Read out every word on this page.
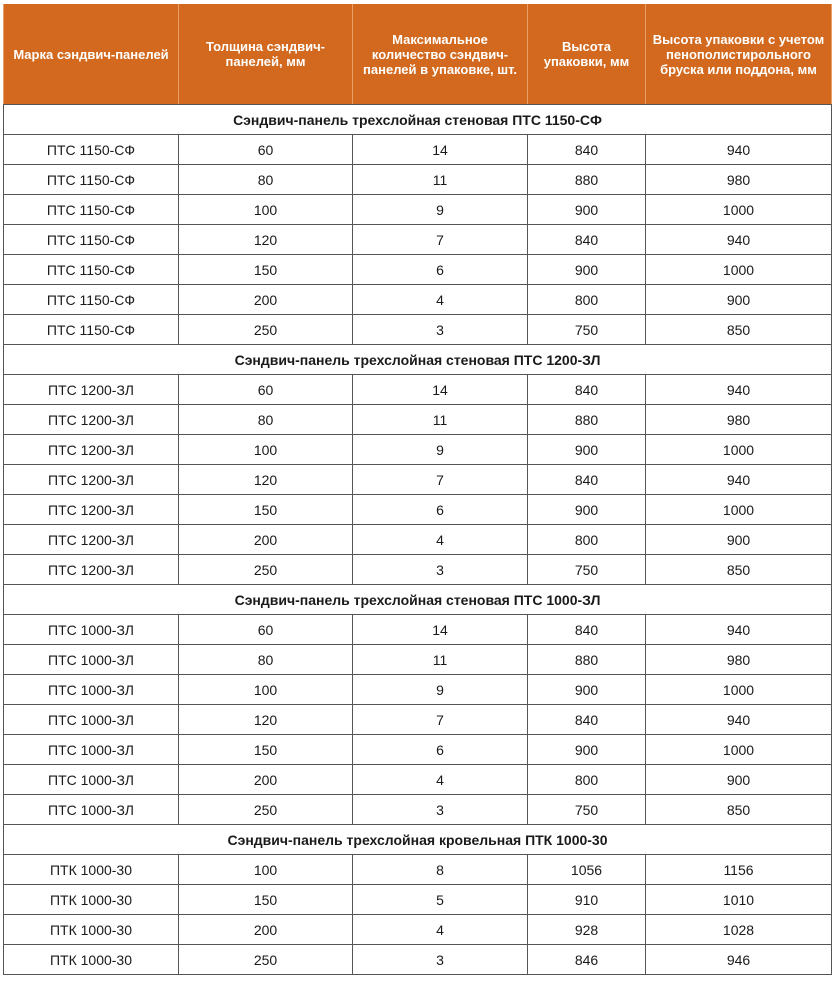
Марка сэндвич-панелей	Толщина сэндвич-панелей, мм	Максимальное количество сэндвич-панелей в упаковке, шт.	Высота упаковки, мм	Высота упаковки с учетом пенополистирольного бруска или поддона, мм
Сэндвич-панель трехслойная стеновая ПТС 1150-СФ				
ПТС 1150-СФ	60	14	840	940
ПТС 1150-СФ	80	11	880	980
ПТС 1150-СФ	100	9	900	1000
ПТС 1150-СФ	120	7	840	940
ПТС 1150-СФ	150	6	900	1000
ПТС 1150-СФ	200	4	800	900
ПТС 1150-СФ	250	3	750	850
Сэндвич-панель трехслойная стеновая ПТС 1200-ЗЛ				
ПТС 1200-ЗЛ	60	14	840	940
ПТС 1200-ЗЛ	80	11	880	980
ПТС 1200-ЗЛ	100	9	900	1000
ПТС 1200-ЗЛ	120	7	840	940
ПТС 1200-ЗЛ	150	6	900	1000
ПТС 1200-ЗЛ	200	4	800	900
ПТС 1200-ЗЛ	250	3	750	850
Сэндвич-панель трехслойная стеновая ПТС 1000-ЗЛ				
ПТС 1000-ЗЛ	60	14	840	940
ПТС 1000-ЗЛ	80	11	880	980
ПТС 1000-ЗЛ	100	9	900	1000
ПТС 1000-ЗЛ	120	7	840	940
ПТС 1000-ЗЛ	150	6	900	1000
ПТС 1000-ЗЛ	200	4	800	900
ПТС 1000-ЗЛ	250	3	750	850
Сэндвич-панель трехслойная кровельная ПТК 1000-30				
ПТК 1000-30	100	8	1056	1156
ПТК 1000-30	150	5	910	1010
ПТК 1000-30	200	4	928	1028
ПТК 1000-30	250	3	846	946
